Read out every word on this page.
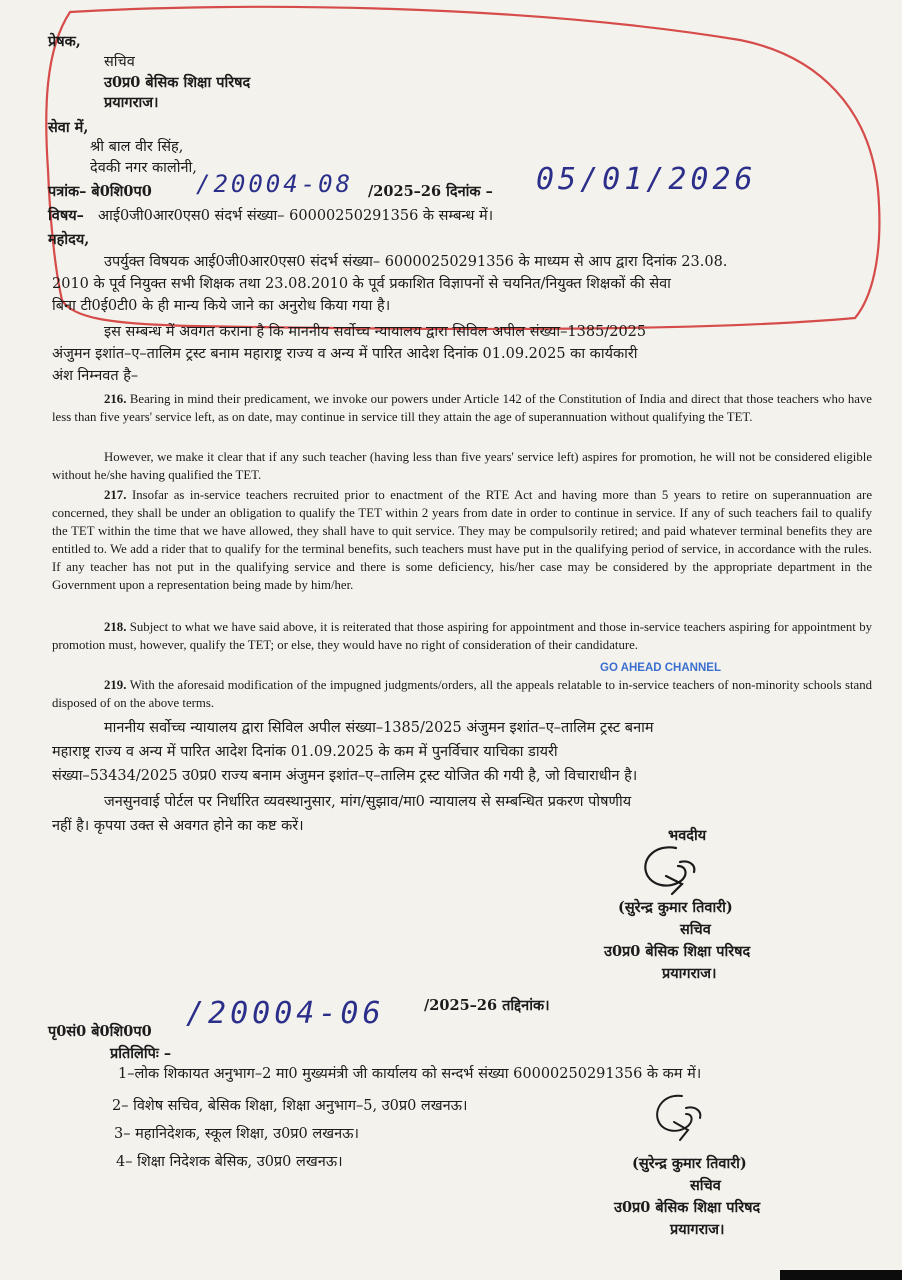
प्रेषक,
सचिव
उ0प्र0 बेसिक शिक्षा परिषद
प्रयागराज।
सेवा में,
श्री बाल वीर सिंह,
देवकी नगर कालोनी,
पत्रांक– बे0शि0प0 /20004-08 /2025–26 दिनांक – 05/01/2026
विषय– आई0जी0आर0एस0 संदर्भ संख्या– 60000250291356 के सम्बन्ध में।
महोदय,
उपर्युक्त विषयक आई0जी0आर0एस0 संदर्भ संख्या– 60000250291356 के माध्यम से आप द्वारा दिनांक 23.08.
2010 के पूर्व नियुक्त सभी शिक्षक तथा 23.08.2010 के पूर्व प्रकाशित विज्ञापनों से चयनित/नियुक्त शिक्षकों की सेवा
बिना टी0ई0टी0 के ही मान्य किये जाने का अनुरोध किया गया है।
इस सम्बन्ध में अवगत कराना है कि माननीय सर्वोच्च न्यायालय द्वारा सिविल अपील संख्या–1385/2025
अंजुमन इशांत–ए–तालिम ट्रस्ट बनाम महाराष्ट्र राज्य व अन्य में पारित आदेश दिनांक 01.09.2025 का कार्यकारी
अंश निम्नवत है–
216. Bearing in mind their predicament, we invoke our powers under Article 142 of the Constitution of India and direct that those teachers who have less than five years' service left, as on date, may continue in service till they attain the age of superannuation without qualifying the TET.
However, we make it clear that if any such teacher (having less than five years' service left) aspires for promotion, he will not be considered eligible without he/she having qualified the TET.
217. Insofar as in-service teachers recruited prior to enactment of the RTE Act and having more than 5 years to retire on superannuation are concerned, they shall be under an obligation to qualify the TET within 2 years from date in order to continue in service. If any of such teachers fail to qualify the TET within the time that we have allowed, they shall have to quit service. They may be compulsorily retired; and paid whatever terminal benefits they are entitled to. We add a rider that to qualify for the terminal benefits, such teachers must have put in the qualifying period of service, in accordance with the rules. If any teacher has not put in the qualifying service and there is some deficiency, his/her case may be considered by the appropriate department in the Government upon a representation being made by him/her.
218. Subject to what we have said above, it is reiterated that those aspiring for appointment and those in-service teachers aspiring for appointment by promotion must, however, qualify the TET; or else, they would have no right of consideration of their candidature.
GO AHEAD CHANNEL
219. With the aforesaid modification of the impugned judgments/orders, all the appeals relatable to in-service teachers of non-minority schools stand disposed of on the above terms.
माननीय सर्वोच्च न्यायालय द्वारा सिविल अपील संख्या–1385/2025 अंजुमन इशांत–ए–तालिम ट्रस्ट बनाम
महाराष्ट्र राज्य व अन्य में पारित आदेश दिनांक 01.09.2025 के कम में पुनर्विचार याचिका डायरी
संख्या–53434/2025 उ0प्र0 राज्य बनाम अंजुमन इशांत–ए–तालिम ट्रस्ट योजित की गयी है, जो विचाराधीन है।
जनसुनवाई पोर्टल पर निर्धारित व्यवस्थानुसार, मांग/सुझाव/मा0 न्यायालय से सम्बन्धित प्रकरण पोषणीय
नहीं है। कृपया उक्त से अवगत होने का कष्ट करें।
भवदीय
(सुरेन्द्र कुमार तिवारी)
सचिव
उ0प्र0 बेसिक शिक्षा परिषद
प्रयागराज।
पृ0सं0 बे0शि0प0
/20004-06	/2025–26 तद्दिनांक।
प्रतिलिपिः –
1–लोक शिकायत अनुभाग–2 मा0 मुख्यमंत्री जी कार्यालय को सन्दर्भ संख्या 60000250291356 के कम में।
2– विशेष सचिव, बेसिक शिक्षा, शिक्षा अनुभाग–5, उ0प्र0 लखनऊ।
3– महानिदेशक, स्कूल शिक्षा, उ0प्र0 लखनऊ।
4– शिक्षा निदेशक बेसिक, उ0प्र0 लखनऊ।	(सुरेन्द्र कुमार तिवारी)
सचिव
उ0प्र0 बेसिक शिक्षा परिषद
प्रयागराज।
